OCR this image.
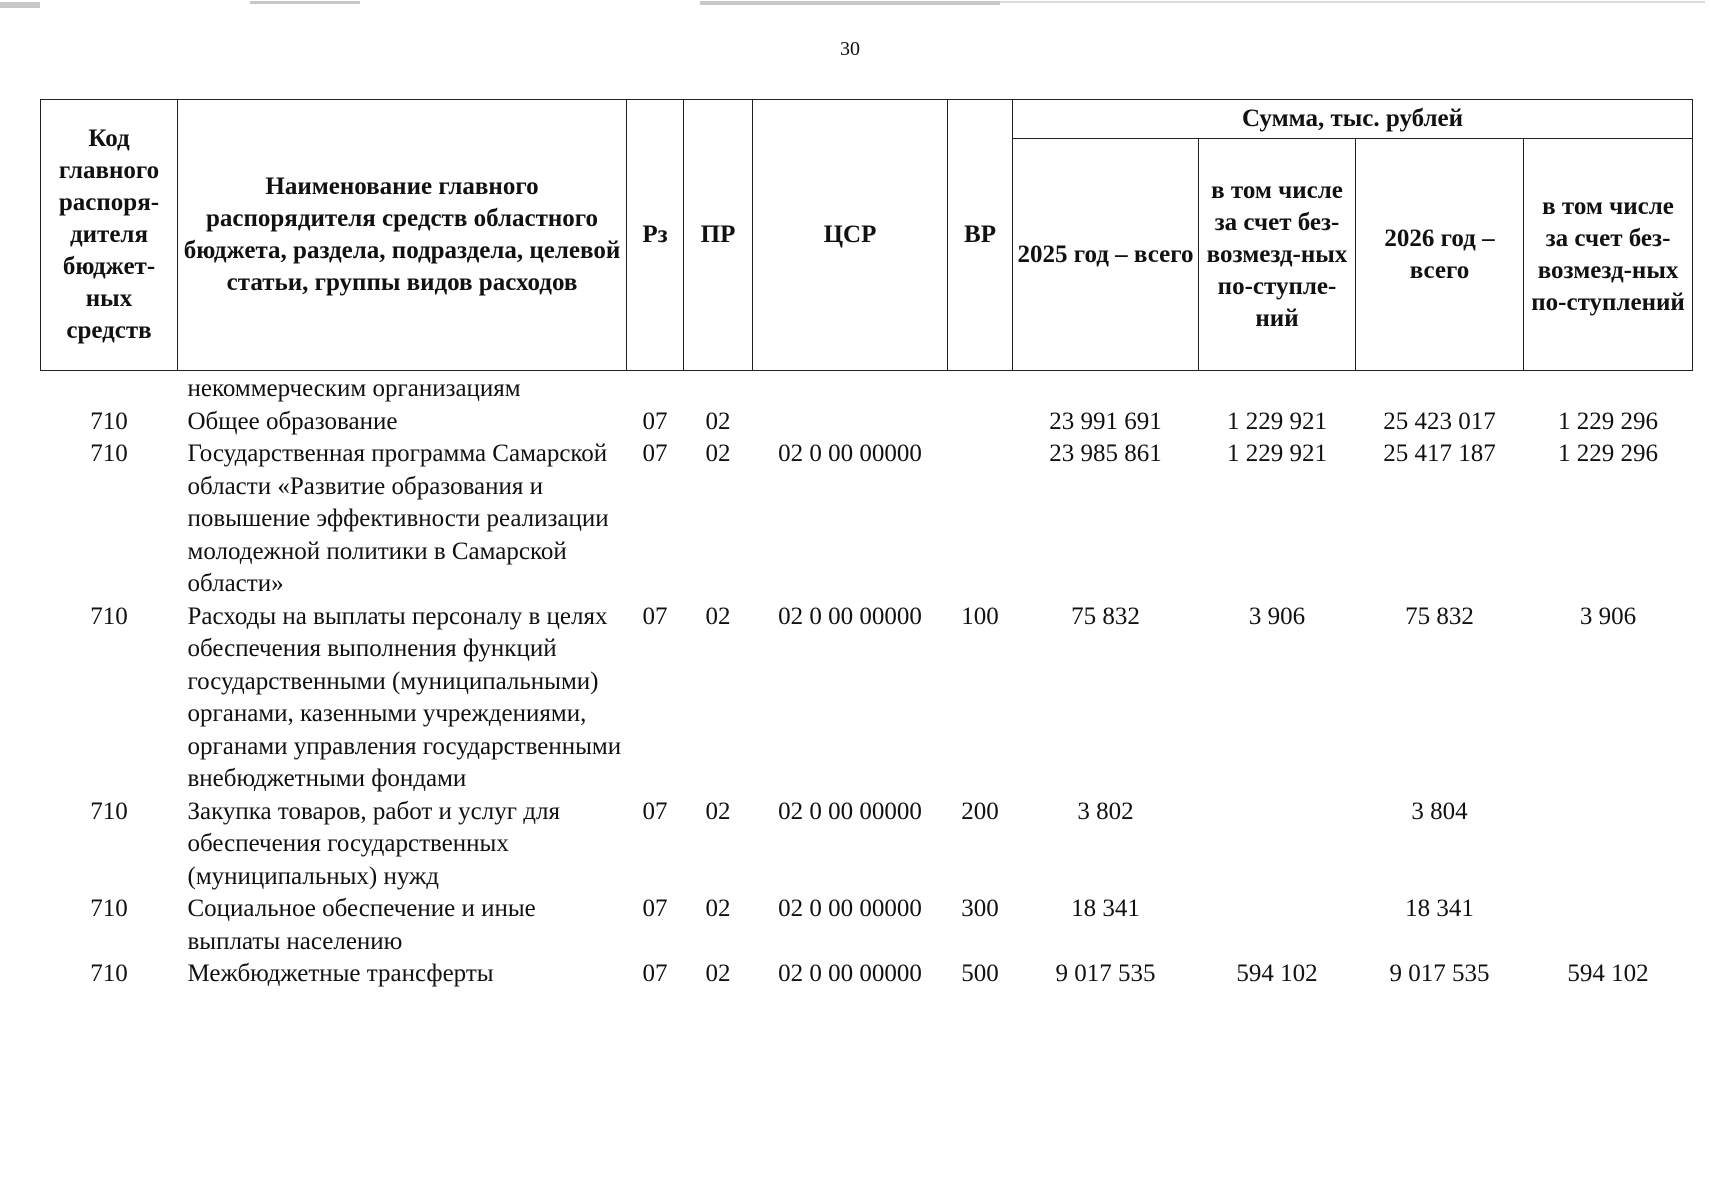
30
Код главного распоря-дителя бюджет-ных средств	Наименование главного распорядителя средств областного бюджета, раздела, подраздела, целевой статьи, группы видов расходов	Рз	ПР	ЦСР	ВР	Сумма, тыс. рублей			
						2025 год – всего	в том числе за счет без-возмезд-ных по-ступле-ний	2026 год – всего	в том числе за счет без-возмезд-ных по-ступлений
	некоммерческим организациям								
710	Общее образование	07	02			23 991 691	1 229 921	25 423 017	1 229 296
710	Государственная программа Самарской области «Развитие образования и повышение эффективности реализации молодежной политики в Самарской области»	07	02	02 0 00 00000		23 985 861	1 229 921	25 417 187	1 229 296
710	Расходы на выплаты персоналу в целях обеспечения выполнения функций государственными (муниципальными) органами, казенными учреждениями, органами управления государственными внебюджетными фондами	07	02	02 0 00 00000	100	75 832	3 906	75 832	3 906
710	Закупка товаров, работ и услуг для обеспечения государственных (муниципальных) нужд	07	02	02 0 00 00000	200	3 802		3 804	
710	Социальное обеспечение и иные выплаты населению	07	02	02 0 00 00000	300	18 341		18 341	
710	Межбюджетные трансферты	07	02	02 0 00 00000	500	9 017 535	594 102	9 017 535	594 102
